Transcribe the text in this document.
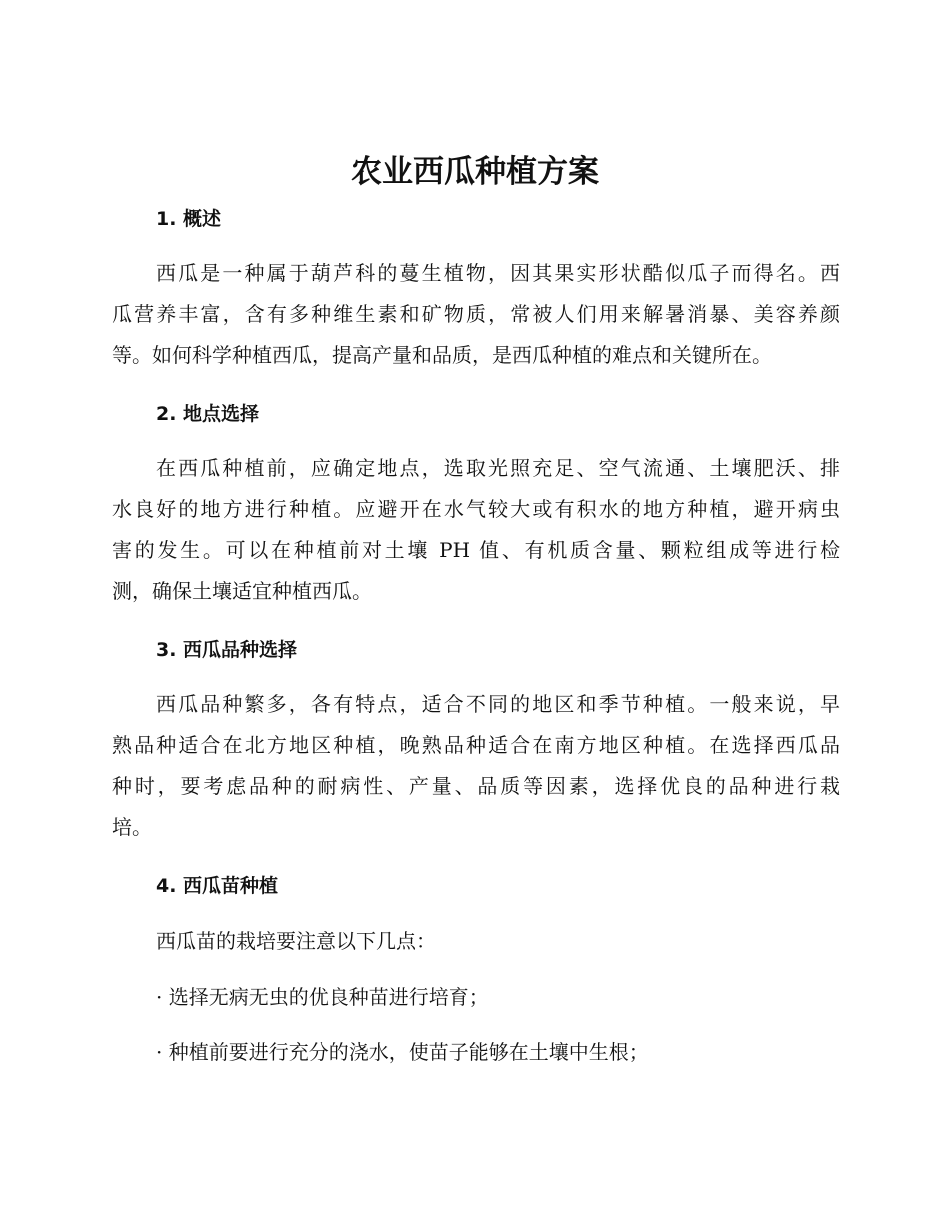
农业西瓜种植方案
1. 概述
西瓜是一种属于葫芦科的蔓生植物，因其果实形状酷似瓜子而得名。西
瓜营养丰富，含有多种维生素和矿物质，常被人们用来解暑消暴、美容养颜
等。如何科学种植西瓜，提高产量和品质，是西瓜种植的难点和关键所在。
2. 地点选择
在西瓜种植前，应确定地点，选取光照充足、空气流通、土壤肥沃、排
水良好的地方进行种植。应避开在水气较大或有积水的地方种植，避开病虫
害的发生。可以在种植前对土壤 PH 值、有机质含量、颗粒组成等进行检
测，确保土壤适宜种植西瓜。
3. 西瓜品种选择
西瓜品种繁多，各有特点，适合不同的地区和季节种植。一般来说，早
熟品种适合在北方地区种植，晚熟品种适合在南方地区种植。在选择西瓜品
种时，要考虑品种的耐病性、产量、品质等因素，选择优良的品种进行栽
培。
4. 西瓜苗种植

西瓜苗的栽培要注意以下几点：

· 选择无病无虫的优良种苗进行培育；

· 种植前要进行充分的浇水，使苗子能够在土壤中生根；
